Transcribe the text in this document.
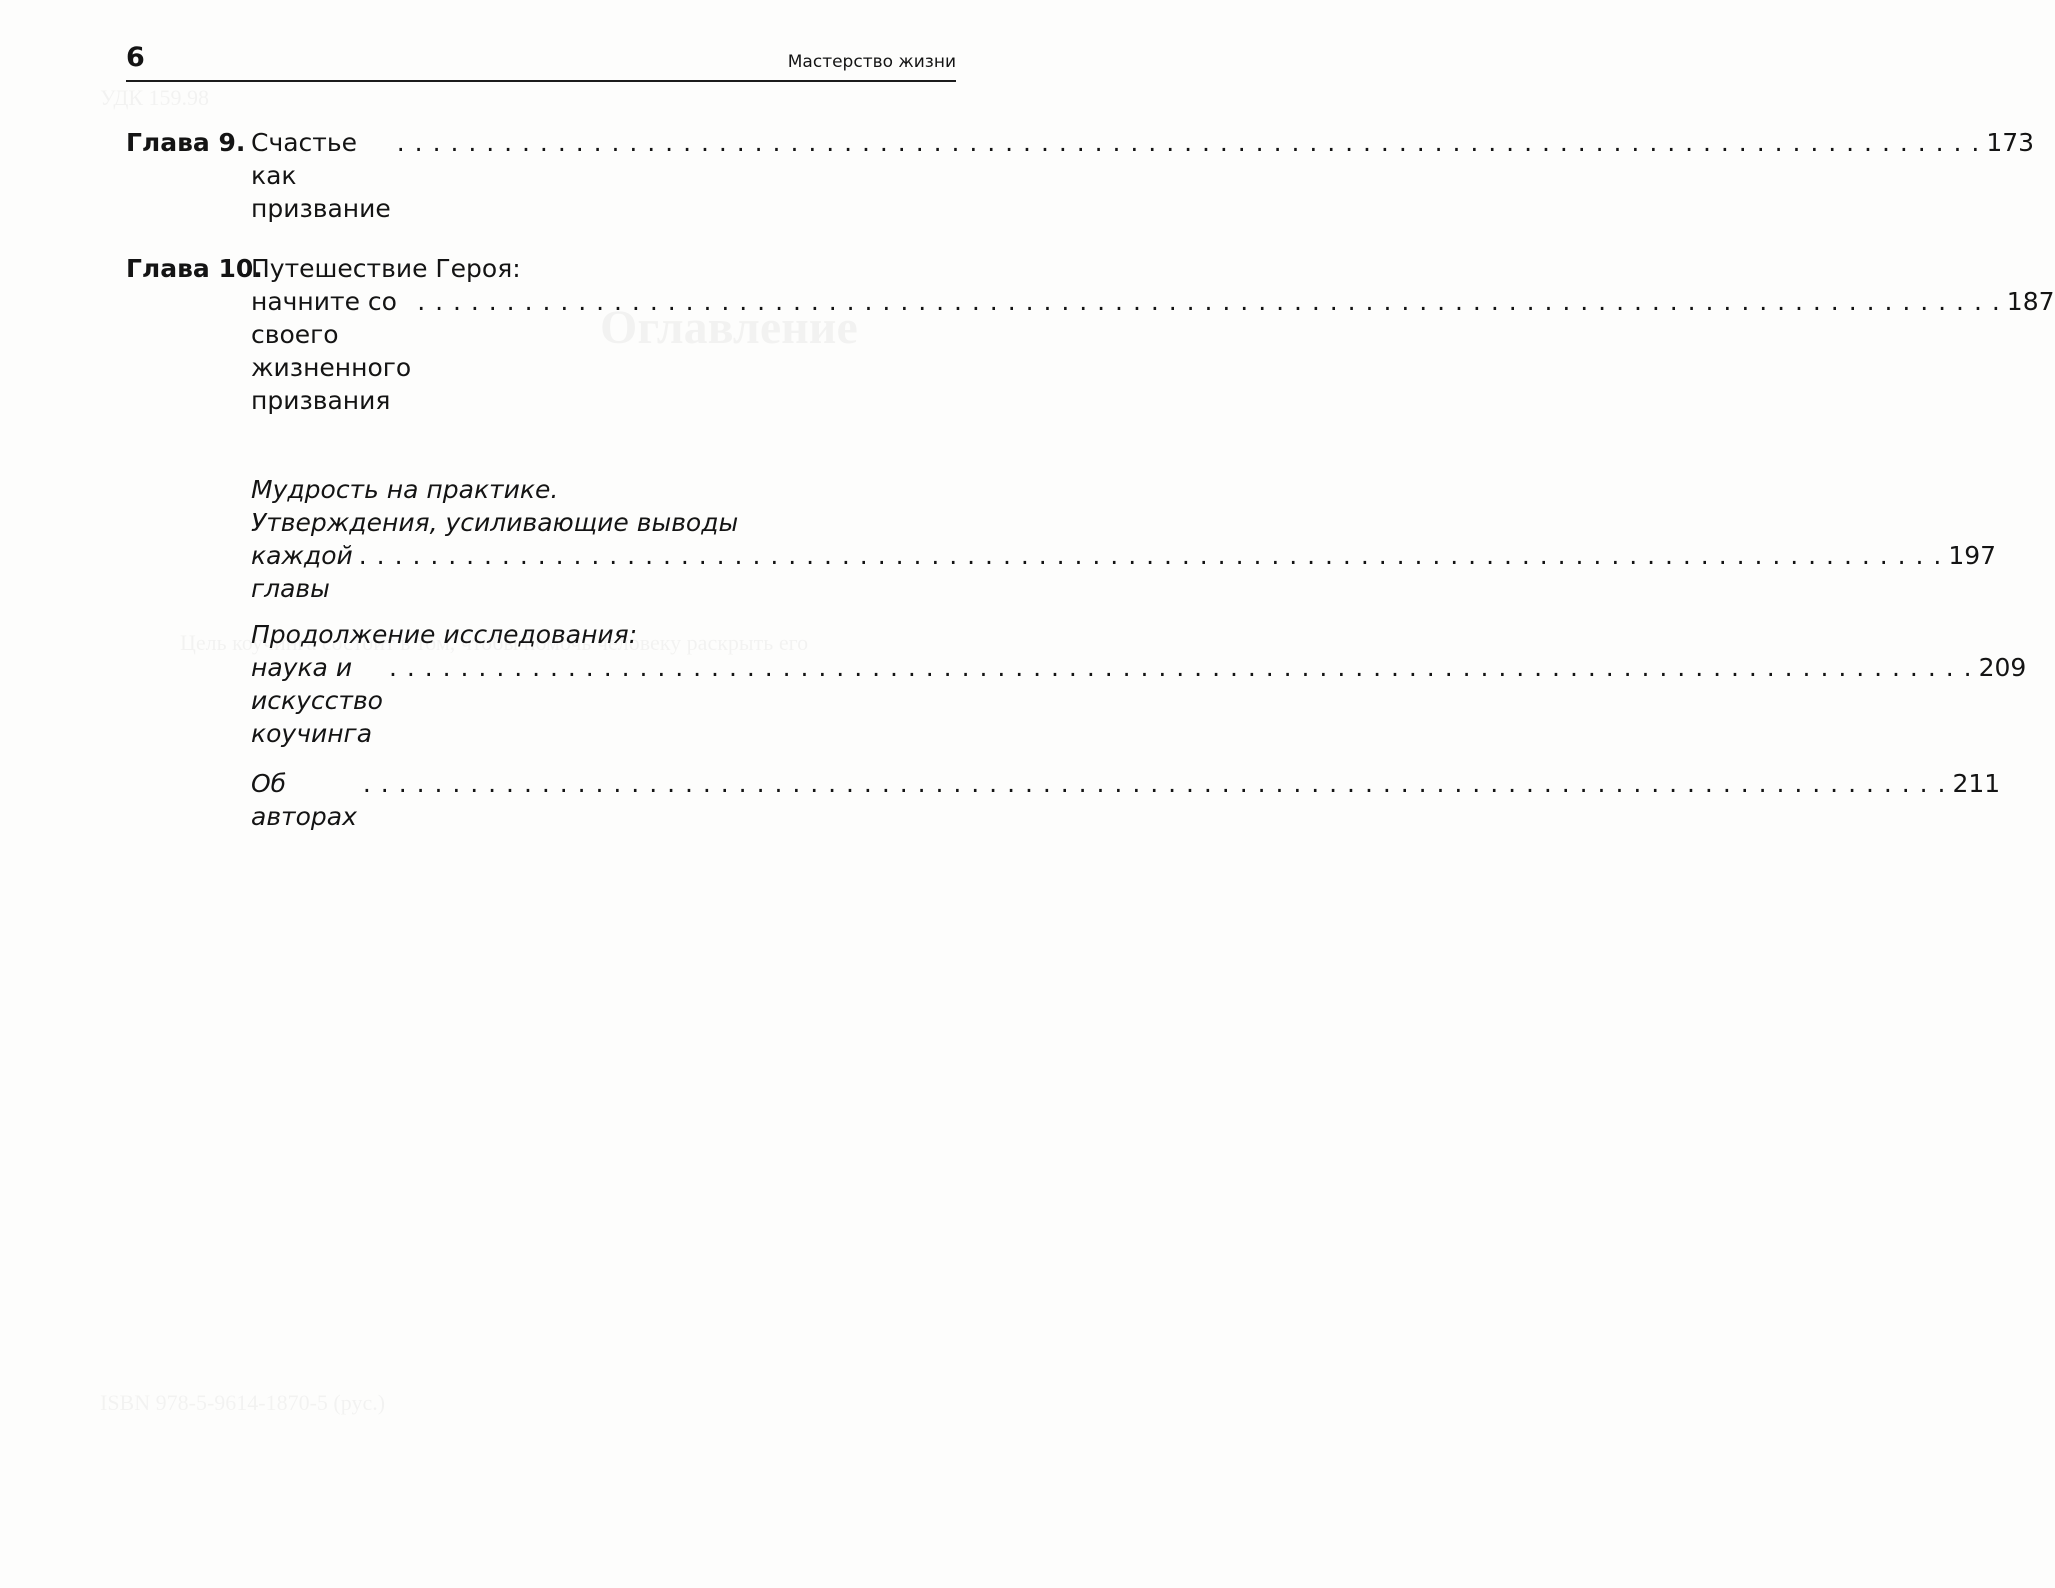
6	Мастерство жизни
Глава 9. Счастье как призвание
. . .
173
Глава 10.
Путешествие Героя:
начните со своего жизненного призвания
. . .
187
Мудрость на практике.
Утверждения, усиливающие выводы
каждой главы
. . .
197
Продолжение исследования:
наука и искусство коучинга
. . .
209
Об авторах
. . .
211
